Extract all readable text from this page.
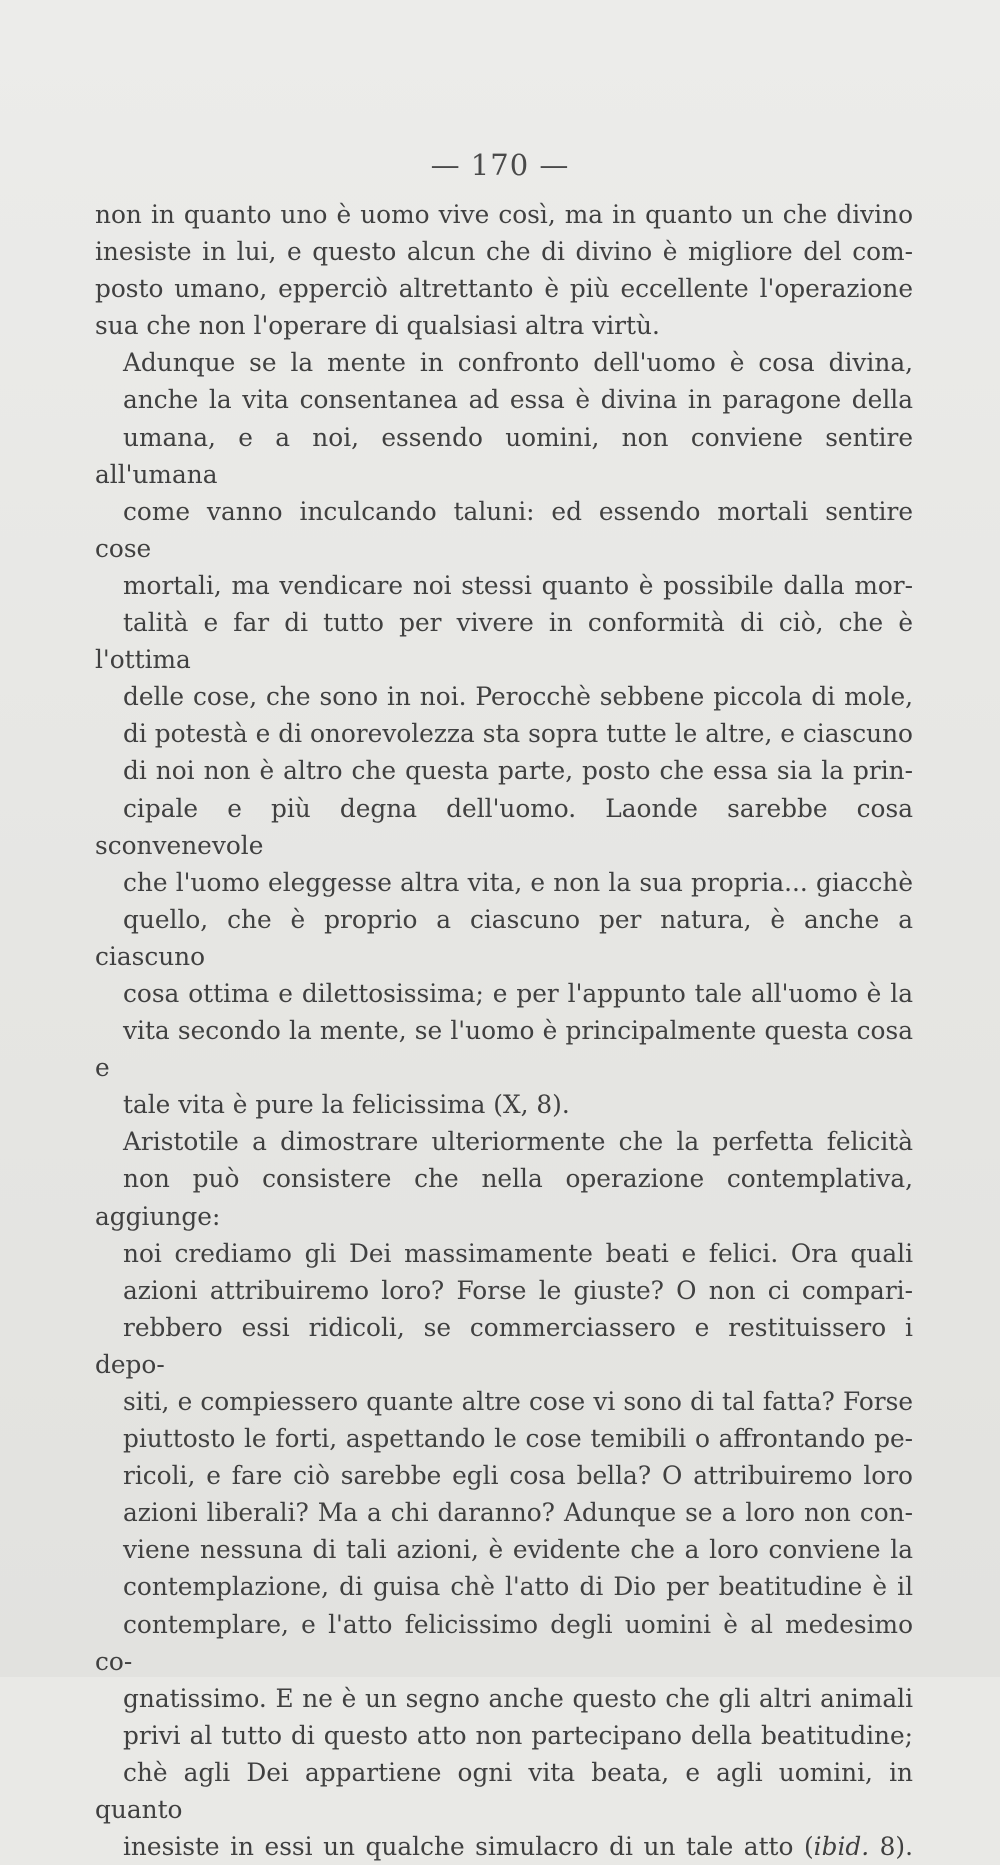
— 170 —

non in quanto uno è uomo vive così, ma in quanto un che divino
inesiste in lui, e questo alcun che di divino è migliore del com-
posto umano, epperciò altrettanto è più eccellente l'operazione
sua che non l'operare di qualsiasi altra virtù.

Adunque se la mente in confronto dell'uomo è cosa divina,
anche la vita consentanea ad essa è divina in paragone della
umana, e a noi, essendo uomini, non conviene sentire all'umana
come vanno inculcando taluni: ed essendo mortali sentire cose
mortali, ma vendicare noi stessi quanto è possibile dalla mor-
talità e far di tutto per vivere in conformità di ciò, che è l'ottima
delle cose, che sono in noi. Perocchè sebbene piccola di mole,
di potestà e di onorevolezza sta sopra tutte le altre, e ciascuno
di noi non è altro che questa parte, posto che essa sia la prin-
cipale e più degna dell'uomo. Laonde sarebbe cosa sconvenevole
che l'uomo eleggesse altra vita, e non la sua propria... giacchè
quello, che è proprio a ciascuno per natura, è anche a ciascuno
cosa ottima e dilettosissima; e per l'appunto tale all'uomo è la
vita secondo la mente, se l'uomo è principalmente questa cosa e
tale vita è pure la felicissima (X, 8).

Aristotile a dimostrare ulteriormente che la perfetta felicità
non può consistere che nella operazione contemplativa, aggiunge:
noi crediamo gli Dei massimamente beati e felici. Ora quali
azioni attribuiremo loro? Forse le giuste? O non ci compari-
rebbero essi ridicoli, se commerciassero e restituissero i depo-
siti, e compiessero quante altre cose vi sono di tal fatta? Forse
piuttosto le forti, aspettando le cose temibili o affrontando pe-
ricoli, e fare ciò sarebbe egli cosa bella? O attribuiremo loro
azioni liberali? Ma a chi daranno? Adunque se a loro non con-
viene nessuna di tali azioni, è evidente che a loro conviene la
contemplazione, di guisa chè l'atto di Dio per beatitudine è il
contemplare, e l'atto felicissimo degli uomini è al medesimo co-
gnatissimo. E ne è un segno anche questo che gli altri animali
privi al tutto di questo atto non partecipano della beatitudine;
chè agli Dei appartiene ogni vita beata, e agli uomini, in quanto
inesiste in essi un qualche simulacro di un tale atto (ibid. 8).
